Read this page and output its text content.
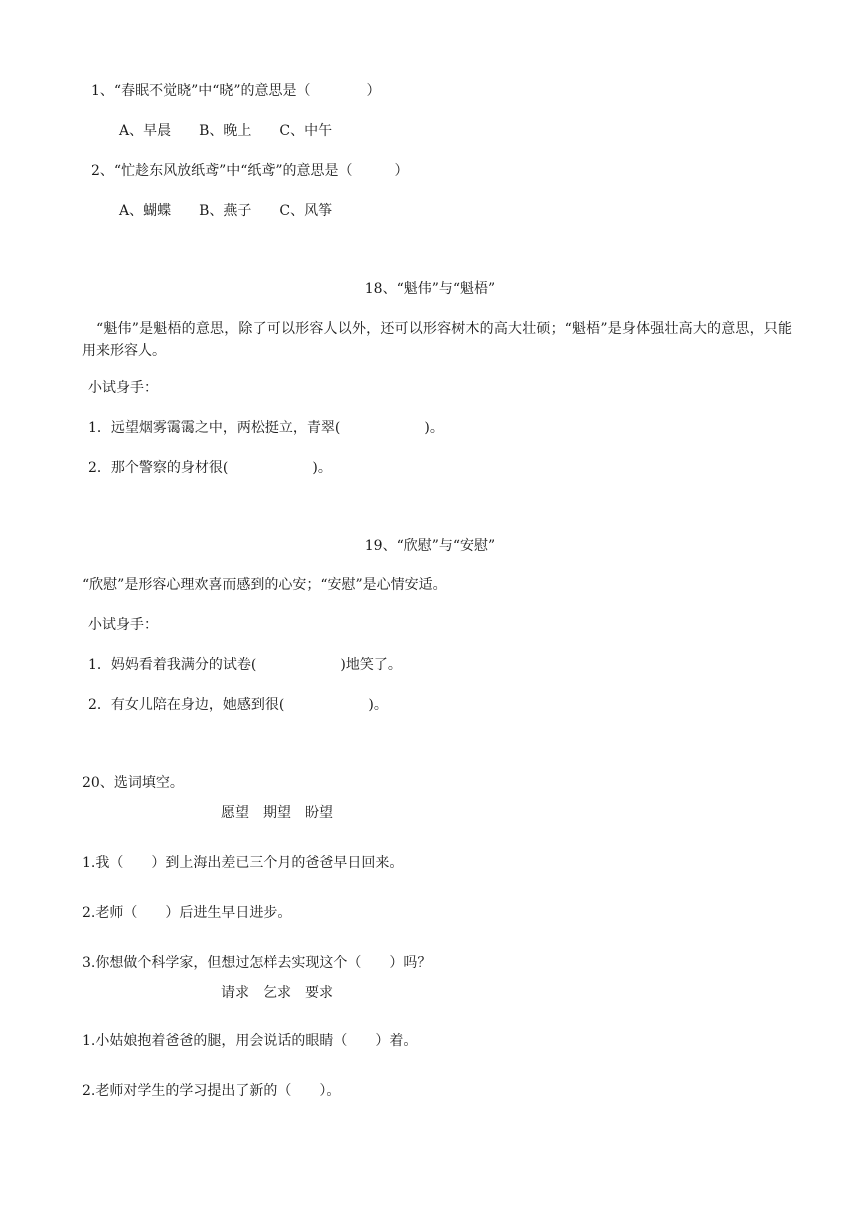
1、“春眠不觉晓”中“晓”的意思是（　　　　）
A、早晨　　B、晚上　　C、中午
2、“忙趁东风放纸鸢”中“纸鸢”的意思是（　　　）
A、蝴蝶　　B、燕子　　C、风筝
18、“魁伟”与“魁梧”
“魁伟”是魁梧的意思，除了可以形容人以外，还可以形容树木的高大壮硕；“魁梧”是身体强壮高大的意思，只能用来形容人。
小试身手：
1．远望烟雾霭霭之中，两松挺立，青翠(　　　　　　)。
2．那个警察的身材很(　　　　　　)。
19、“欣慰”与“安慰”
“欣慰”是形容心理欢喜而感到的心安；“安慰”是心情安适。
小试身手：
1．妈妈看着我满分的试卷(　　　　　　)地笑了。
2．有女儿陪在身边，她感到很(　　　　　　)。
20、选词填空。
愿望　期望　盼望
1.我（　　）到上海出差已三个月的爸爸早日回来。
2.老师（　　）后进生早日进步。
3.你想做个科学家，但想过怎样去实现这个（　　）吗？
请求　乞求　要求
1.小姑娘抱着爸爸的腿，用会说话的眼睛（　　）着。
2.老师对学生的学习提出了新的（　　）。
